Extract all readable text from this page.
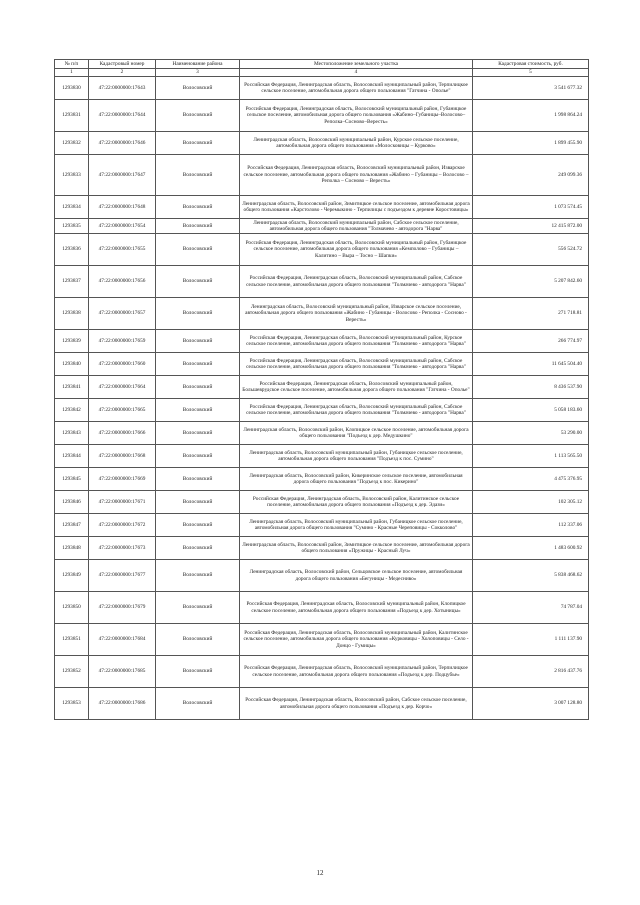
№ п/п	Кадастровый номер	Наименование района	Местоположение земельного участка	Кадастровая стоимость, руб.
1	2	3	4	5
1293830	47:22:0000000:17643	Волосовский	Российская Федерация, Ленинградская область, Волосовский муниципальный район, Терпилицкое сельское поселение, автомобильная дорога общего пользования "Гатчина - Ополье"	3 541 677.32
1293831	47:22:0000000:17644	Волосовский	Российская Федерация, Ленинградская область, Волосовский муниципальный район, Губаницкое сельское поселение, автомобильная дорога общего пользования «Жабино–Губаницы–Волосово–Реполка–Сосново–Вересть»	1 998 864.24
1293832	47:22:0000000:17646	Волосовский	Ленинградская область, Волосовский муниципальный район, Курское сельское поселение, автомобильная дорога общего пользования «Молосковицы – Курково»	1 899 455.90
1293833	47:22:0000000:17647	Волосовский	Российская Федерация, Ленинградская область, Волосовский муниципальный район, Изварское сельское поселение, автомобильная дорога общего пользования «Жабино – Губаницы – Волосово – Реполка – Сосново – Вересть»	249 099.36
1293834	47:22:0000000:17648	Волосовский	Ленинградская область, Волосовский район, Зимитицкое сельское поселение, автомобильная дорога общего пользования «Карстолово - Черемыкино - Терпилицы с подъездом к деревне Коростовицы»	1 073 574.45
1293835	47:22:0000000:17654	Волосовский	Ленинградская область, Волосовский муниципальный район, Сабское сельское поселение, автомобильная дорога общего пользования "Толмачево - автодорога "Нарва"	12 415 872.00
1293836	47:22:0000000:17655	Волосовский	Российская Федерация, Ленинградская область, Волосовский муниципальный район, Губаницкое сельское поселение, автомобильная дорога общего пользования «Кемполово – Губаницы – Калитино – Выра – Тосно – Шапки»	556 524.72
1293837	47:22:0000000:17656	Волосовский	Российская Федерация, Ленинградская область, Волосовский муниципальный район, Сабское сельское поселение, автомобильная дорога общего пользования "Толмачево - автодорога "Нарва"	5 207 842.60
1293838	47:22:0000000:17657	Волосовский	Ленинградская область, Волосовский муниципальный район, Изварское сельское поселение, автомобильная дорога общего пользования «Жабино - Губаницы - Волосово - Реполка - Сосново - Вересть»	271 718.81
1293839	47:22:0000000:17659	Волосовский	Российская Федерация, Ленинградская область, Волосовский муниципальный район, Курское сельское поселение, автомобильная дорога общего пользования "Толмачево - автодорога "Нарва"	266 774.97
1293840	47:22:0000000:17660	Волосовский	Российская Федерация, Ленинградская область, Волосовский муниципальный район, Сабское сельское поселение, автомобильная дорога общего пользования "Толмачево - автодорога "Нарва"	11 645 504.40
1293841	47:22:0000000:17664	Волосовский	Российская Федерация, Ленинградская область, Волосовский муниципальный район, Большеврудское сельское поселение, автомобильная дорога общего пользования "Гатчина - Ополье"	8 436 537.90
1293842	47:22:0000000:17665	Волосовский	Российская Федерация, Ленинградская область, Волосовский муниципальный район, Сабское сельское поселение, автомобильная дорога общего пользования "Толмачево - автодорога "Нарва"	5 058 183.60
1293843	47:22:0000000:17666	Волосовский	Ленинградская область, Волосовский район, Клопицкое сельское поселение, автомобильная дорога общего пользования "Подъезд к дер. Медушкино"	53 290.00
1293844	47:22:0000000:17668	Волосовский	Ленинградская область, Волосовский муниципальный район, Губаницкое сельское поселение, автомобильная дорога общего пользования "Подъезд к пос. Сумино"	1 113 565.50
1293845	47:22:0000000:17669	Волосовский	Ленинградская область, Волосовский район, Кикеринское сельское поселение, автомобильная дорога общего пользования "Подъезд к пос. Кикерино"	4 475 376.95
1293846	47:22:0000000:17671	Волосовский	Российская Федерация, Ленинградская область, Волосовский район, Калитинское сельское поселение, автомобильная дорога общего пользования «Подъезд к дер. Эдази»	102 305.12
1293847	47:22:0000000:17672	Волосовский	Ленинградская область, Волосовский муниципальный район, Губаницкое сельское поселение, автомобильная дорога общего пользования "Сумино - Красные Череповицы - Сокколово"	112 337.06
1293848	47:22:0000000:17673	Волосовский	Ленинградская область, Волосовский район, Зимитицкое сельское поселение, автомобильная дорога общего пользования «Пружицы - Красный Луч»	1 483 600.92
1293849	47:22:0000000:17677	Волосовский	Ленинградская область, Волосовский район, Сельцовское сельское поселение, автомобильная дорога общего пользования «Бегуницы - Медесниво»	5 838 468.62
1293850	47:22:0000000:17679	Волосовский	Российская Федерация, Ленинградская область, Волосовский муниципальный район, Клопицкое сельское поселение, автомобильная дорога общего пользования «Подъезд к дер. Хотыницы»	74 787.04
1293851	47:22:0000000:17684	Волосовский	Российская Федерация, Ленинградская область, Волосовский муниципальный район, Калитинское сельское поселение, автомобильная дорога общего пользования «Курковицы - Холоповицы - Село - Донцо - Гумицы»	1 111 137.90
1293852	47:22:0000000:17685	Волосовский	Российская Федерация, Ленинградская область, Волосовский муниципальный район, Терпилицкое сельское поселение, автомобильная дорога общего пользования «Подъезд к дер. Подцубье»	2 816 437.76
1293853	47:22:0000000:17686	Волосовский	Российская Федерация, Ленинградская область, Волосовский район, Сабское сельское поселение, автомобильная дорога общего пользования «Подъезд к дер. Корчо»	3 007 128.80
12
